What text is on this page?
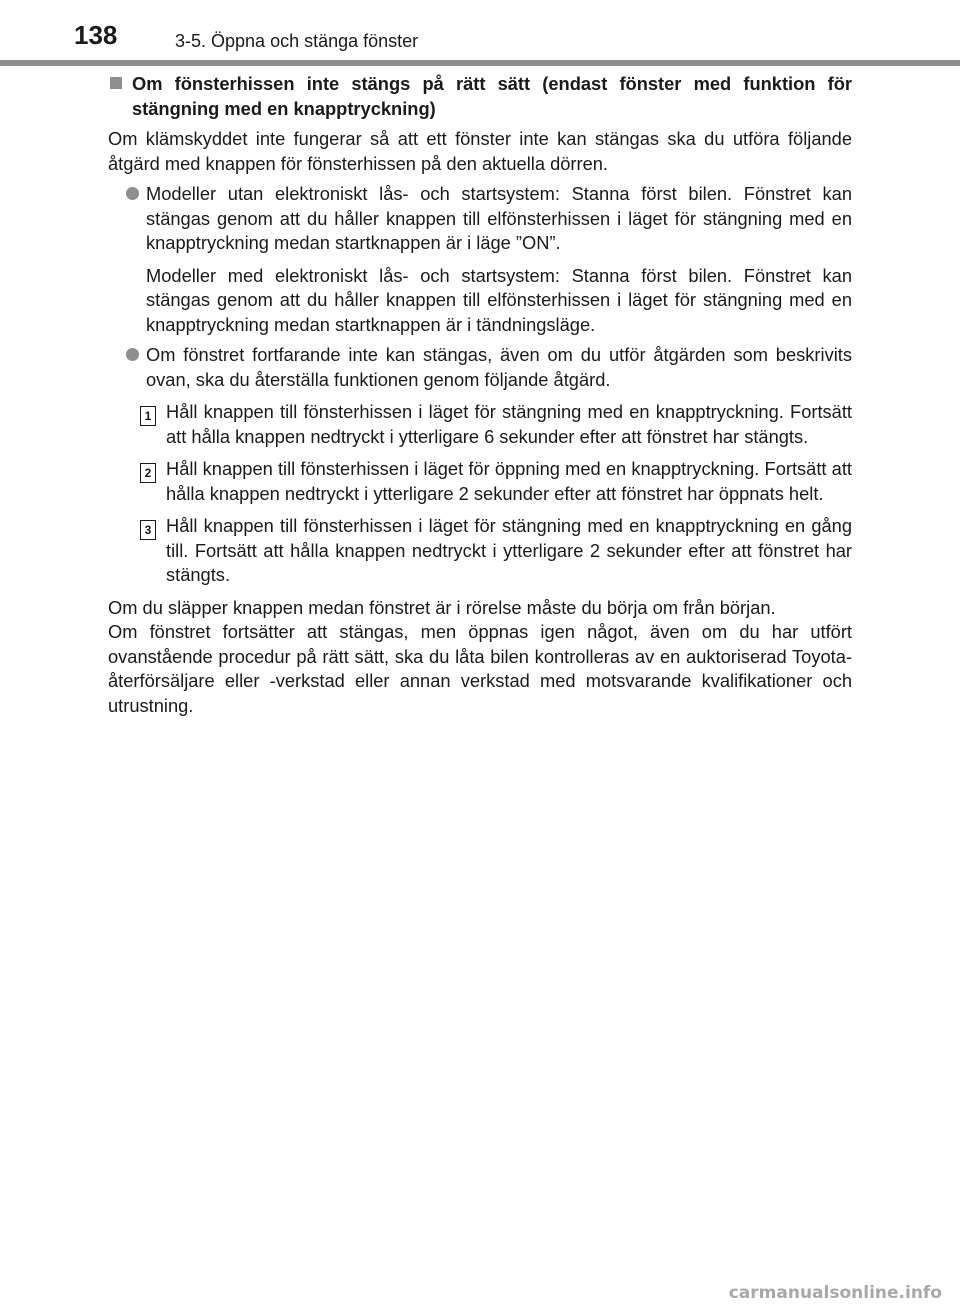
138	3-5. Öppna och stänga fönster
Om fönsterhissen inte stängs på rätt sätt (endast fönster med funktion för stängning med en knapptryckning)
Om klämskyddet inte fungerar så att ett fönster inte kan stängas ska du utföra följande åtgärd med knappen för fönsterhissen på den aktuella dörren.
Modeller utan elektroniskt lås- och startsystem: Stanna först bilen. Fönstret kan stängas genom att du håller knappen till elfönsterhissen i läget för stängning med en knapptryckning medan startknappen är i läge ”ON”.
Modeller med elektroniskt lås- och startsystem: Stanna först bilen. Fönstret kan stängas genom att du håller knappen till elfönsterhissen i läget för stängning med en knapptryckning medan startknappen är i tändningsläge.
Om fönstret fortfarande inte kan stängas, även om du utför åtgärden som beskrivits ovan, ska du återställa funktionen genom följande åtgärd.
1 Håll knappen till fönsterhissen i läget för stängning med en knapptryckning. Fortsätt att hålla knappen nedtryckt i ytterligare 6 sekunder efter att fönstret har stängts.
2 Håll knappen till fönsterhissen i läget för öppning med en knapptryckning. Fortsätt att hålla knappen nedtryckt i ytterligare 2 sekunder efter att fönstret har öppnats helt.
3 Håll knappen till fönsterhissen i läget för stängning med en knapptryckning en gång till. Fortsätt att hålla knappen nedtryckt i ytterligare 2 sekunder efter att fönstret har stängts.
Om du släpper knappen medan fönstret är i rörelse måste du börja om från början.
Om fönstret fortsätter att stängas, men öppnas igen något, även om du har utfört ovanstående procedur på rätt sätt, ska du låta bilen kontrolleras av en auktoriserad Toyota-återförsäljare eller -verkstad eller annan verkstad med motsvarande kvalifikationer och utrustning.
carmanualsonline.info
